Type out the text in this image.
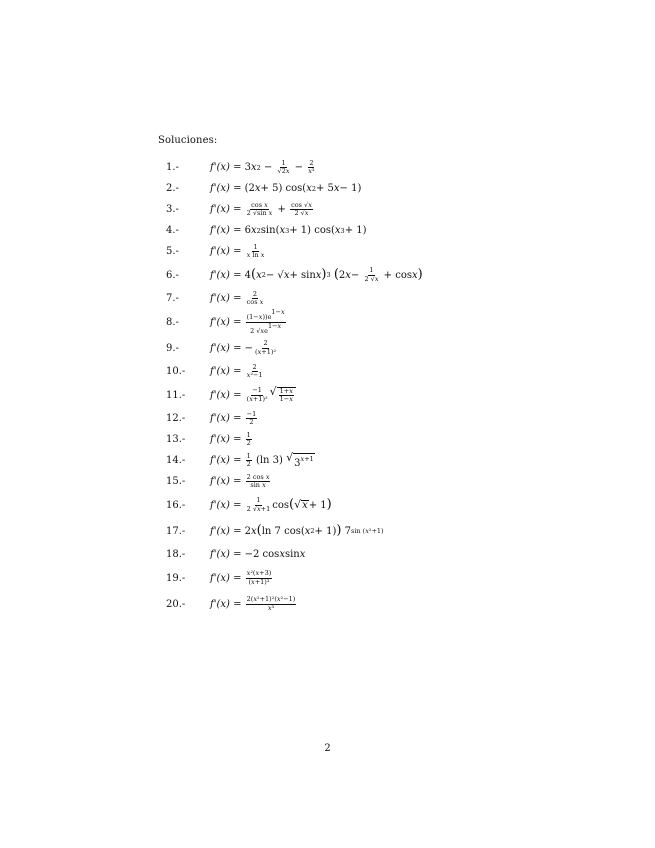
Soluciones:
1.-	f'(x) =
3 x $2 - \frac{1}{√2x} - \frac{2}{\text{x³}}$
2.-	f'(x) =
(2 x + 5) cos( x 2 + 5 x − 1)
3.-	f'(x) =
$\frac{\text{cos x}}{\text{2 √sin x}} + \frac{\cos √x}{2 √x}$
4.-	f'(x) =
6 x 2 sin( x 3 + 1) cos( x 3 + 1)
5.-	f'(x) =
$\frac{1}{\text{x ln x}}$
6.-	f'(x) =
4 ( x 2 − √ x + sin x ) 3
( 2 $x - \frac{1}{2 √x} + \cos x$ )
7.-	f'(x) =
$\frac{2}{\text{cos x}}$
8.-	f'(x) =
$\frac{(1-x))e1-x}{2 √xe1-x}$
9.-	f'(x) =
− $\frac{2}{\text{(x+1)²}}$
10.-	f'(x) =
$\frac{2}{\text{x²−1}}$
11.-	f'(x) =
$\frac{-1}{\text{(x+1)²}}$ √ $\frac{1+x}{1-x}$
12.-	f'(x) =
$\frac{-1}{2}$
13.-	f'(x) =
$\frac{1}{2}$
14.-	f'(x) =
$\frac{1}{2} (\ln$ 3) √ $3^{x+1}$
15.-	f'(x) =
$\frac{\text{2 cos x}}{\text{sin x}}$
16.-	f'(x) =
$\frac{1}{2 √x+1}$ cos ( √ x + 1 )
17.-	f'(x) =
2 x ( ln 7 cos( x 2 + 1) ) 7 sin (x²+1)
18.-	f'(x) =
−2 cos x sin x
19.-	f'(x) =
$\frac{\text{x²(x+3)}}{\text{(x+1)³}}$
20.-	f'(x) =
$\frac{\text{2(x²+1)²(x²−1)}}{\text{x³}}$
2
